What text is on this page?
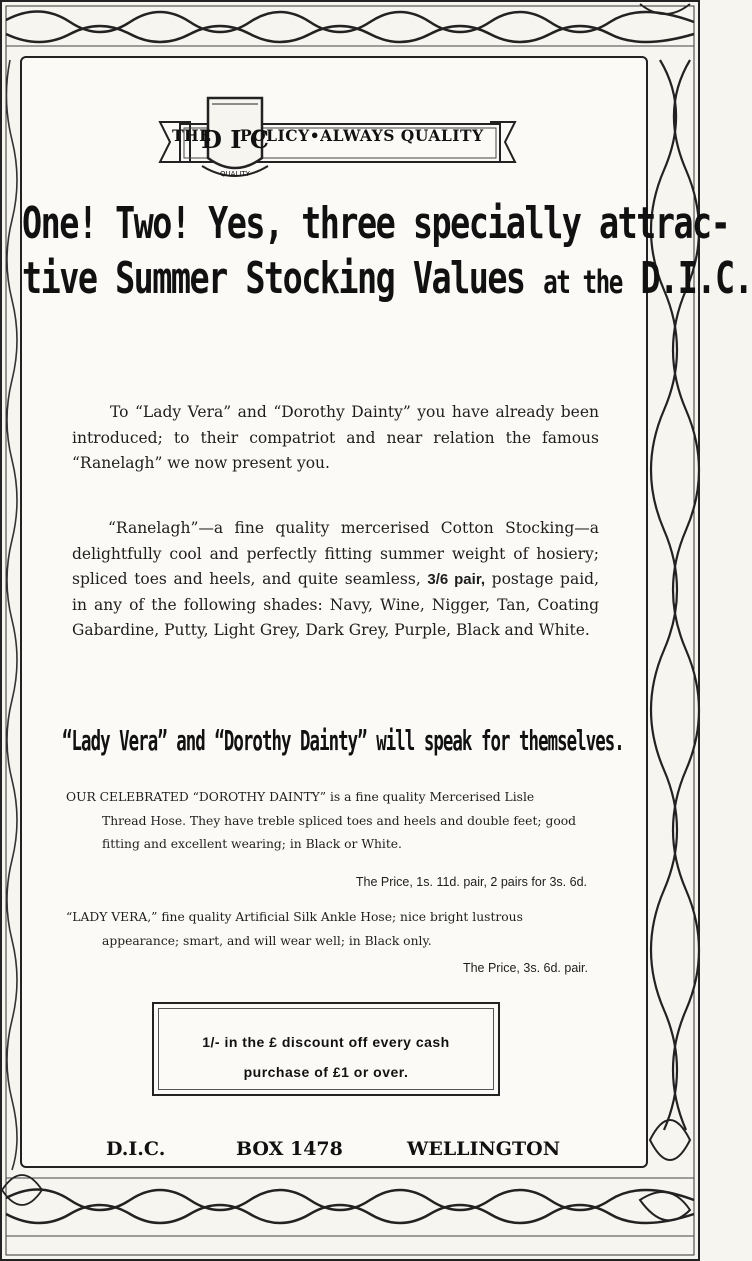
D I C
QUALITY
THE POLICY•ALWAYS QUALITY
One! Two! Yes, three specially attrac-
tive Summer Stocking Values at the D.I.C.
To “Lady Vera” and “Dorothy Dainty” you have already been introduced; to their compatriot and near relation the famous “Ranelagh” we now present you.
“Ranelagh”—a fine quality mercerised Cotton Stocking—a delightfully cool and perfectly fitting summer weight of hosiery; spliced toes and heels, and quite seamless, 3/6 pair, postage paid, in any of the following shades: Navy, Wine, Nigger, Tan, Coating Gabardine, Putty, Light Grey, Dark Grey, Purple, Black and White.
“Lady Vera” and “Dorothy Dainty” will speak for themselves.
OUR CELEBRATED “DOROTHY DAINTY” is a fine quality Mercerised Lisle
Thread Hose. They have treble spliced toes and heels and double feet; good fitting and excellent wearing; in Black or White.
The Price, 1s. 11d. pair, 2 pairs for 3s. 6d.
“LADY VERA,” fine quality Artificial Silk Ankle Hose; nice bright lustrous
appearance; smart, and will wear well; in Black only.
The Price, 3s. 6d. pair.
1/- in the £ discount off every cash
purchase of £1 or over.
D.I.C.	BOX 1478	WELLINGTON
